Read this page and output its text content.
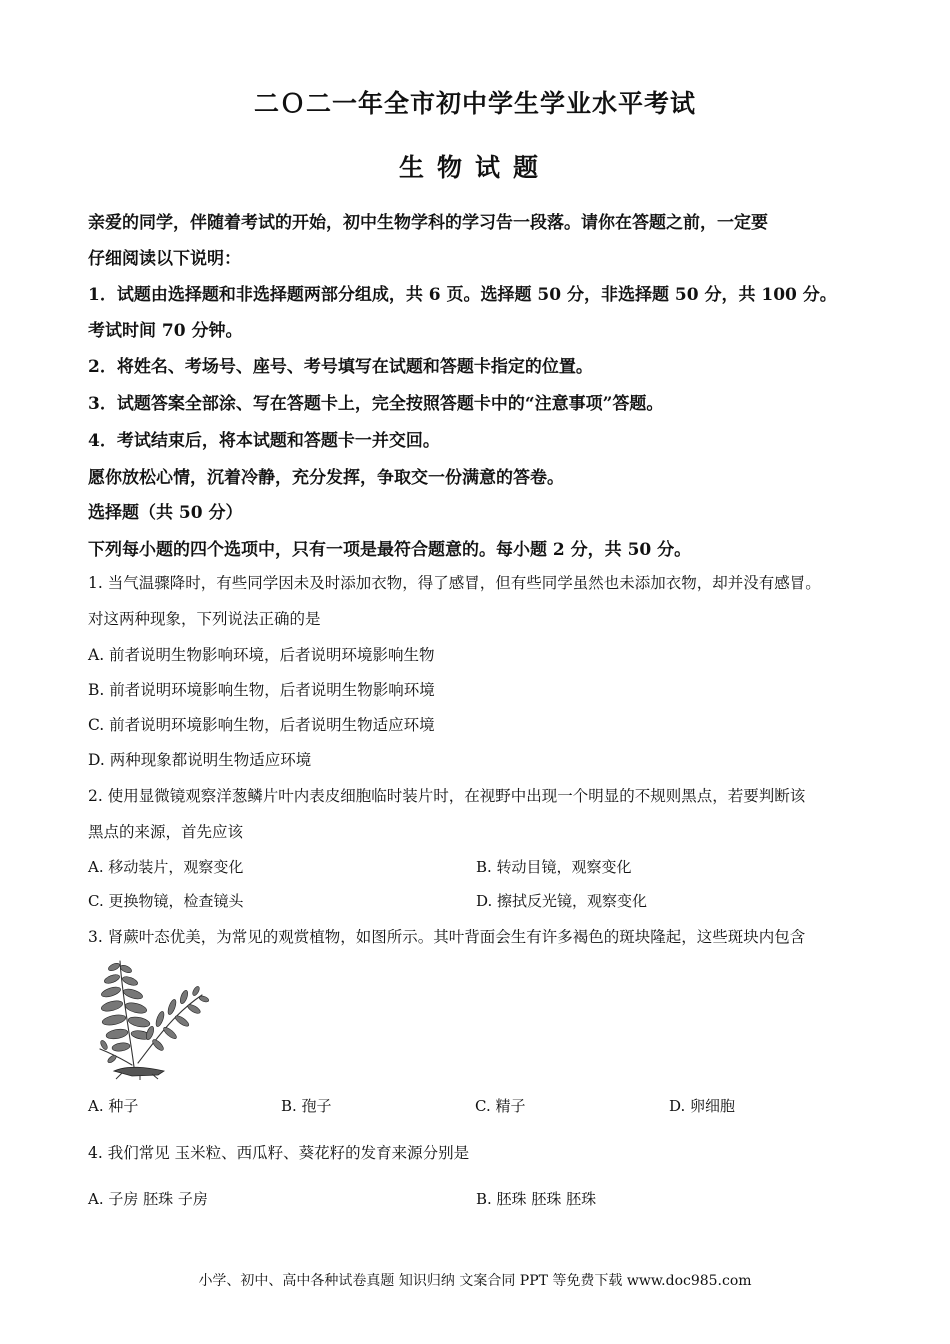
二Ｏ二一年全市初中学生学业水平考试
生物试题
亲爱的同学，伴随着考试的开始，初中生物学科的学习告一段落。请你在答题之前，一定要
仔细阅读以下说明：
1．试题由选择题和非选择题两部分组成，共 6 页。选择题 50 分，非选择题 50 分，共 100 分。
考试时间 70 分钟。
2．将姓名、考场号、座号、考号填写在试题和答题卡指定的位置。
3．试题答案全部涂、写在答题卡上，完全按照答题卡中的“注意事项”答题。
4．考试结束后，将本试题和答题卡一并交回。
愿你放松心情，沉着冷静，充分发挥，争取交一份满意的答卷。
选择题（共 50 分）
下列每小题的四个选项中，只有一项是最符合题意的。每小题 2 分，共 50 分。
1. 当气温骤降时，有些同学因未及时添加衣物，得了感冒，但有些同学虽然也未添加衣物，却并没有感冒。
对这两种现象，下列说法正确的是
A. 前者说明生物影响环境，后者说明环境影响生物
B. 前者说明环境影响生物，后者说明生物影响环境
C. 前者说明环境影响生物，后者说明生物适应环境
D. 两种现象都说明生物适应环境
2. 使用显微镜观察洋葱鳞片叶内表皮细胞临时装片时，在视野中出现一个明显的不规则黑点，若要判断该
黑点的来源，首先应该
A. 移动装片，观察变化	B. 转动目镜，观察变化
C. 更换物镜，检查镜头	D. 擦拭反光镜，观察变化
3. 肾蕨叶态优美，为常见的观赏植物，如图所示。其叶背面会生有许多褐色的斑块隆起，这些斑块内包含
A. 种子	B. 孢子	C. 精子	D. 卵细胞
4. 我们常见 玉米粒、西瓜籽、葵花籽的发育来源分别是
A. 子房 胚珠 子房	B. 胚珠 胚珠 胚珠
小学、初中、高中各种试卷真题 知识归纳 文案合同 PPT 等免费下载 www.doc985.com
